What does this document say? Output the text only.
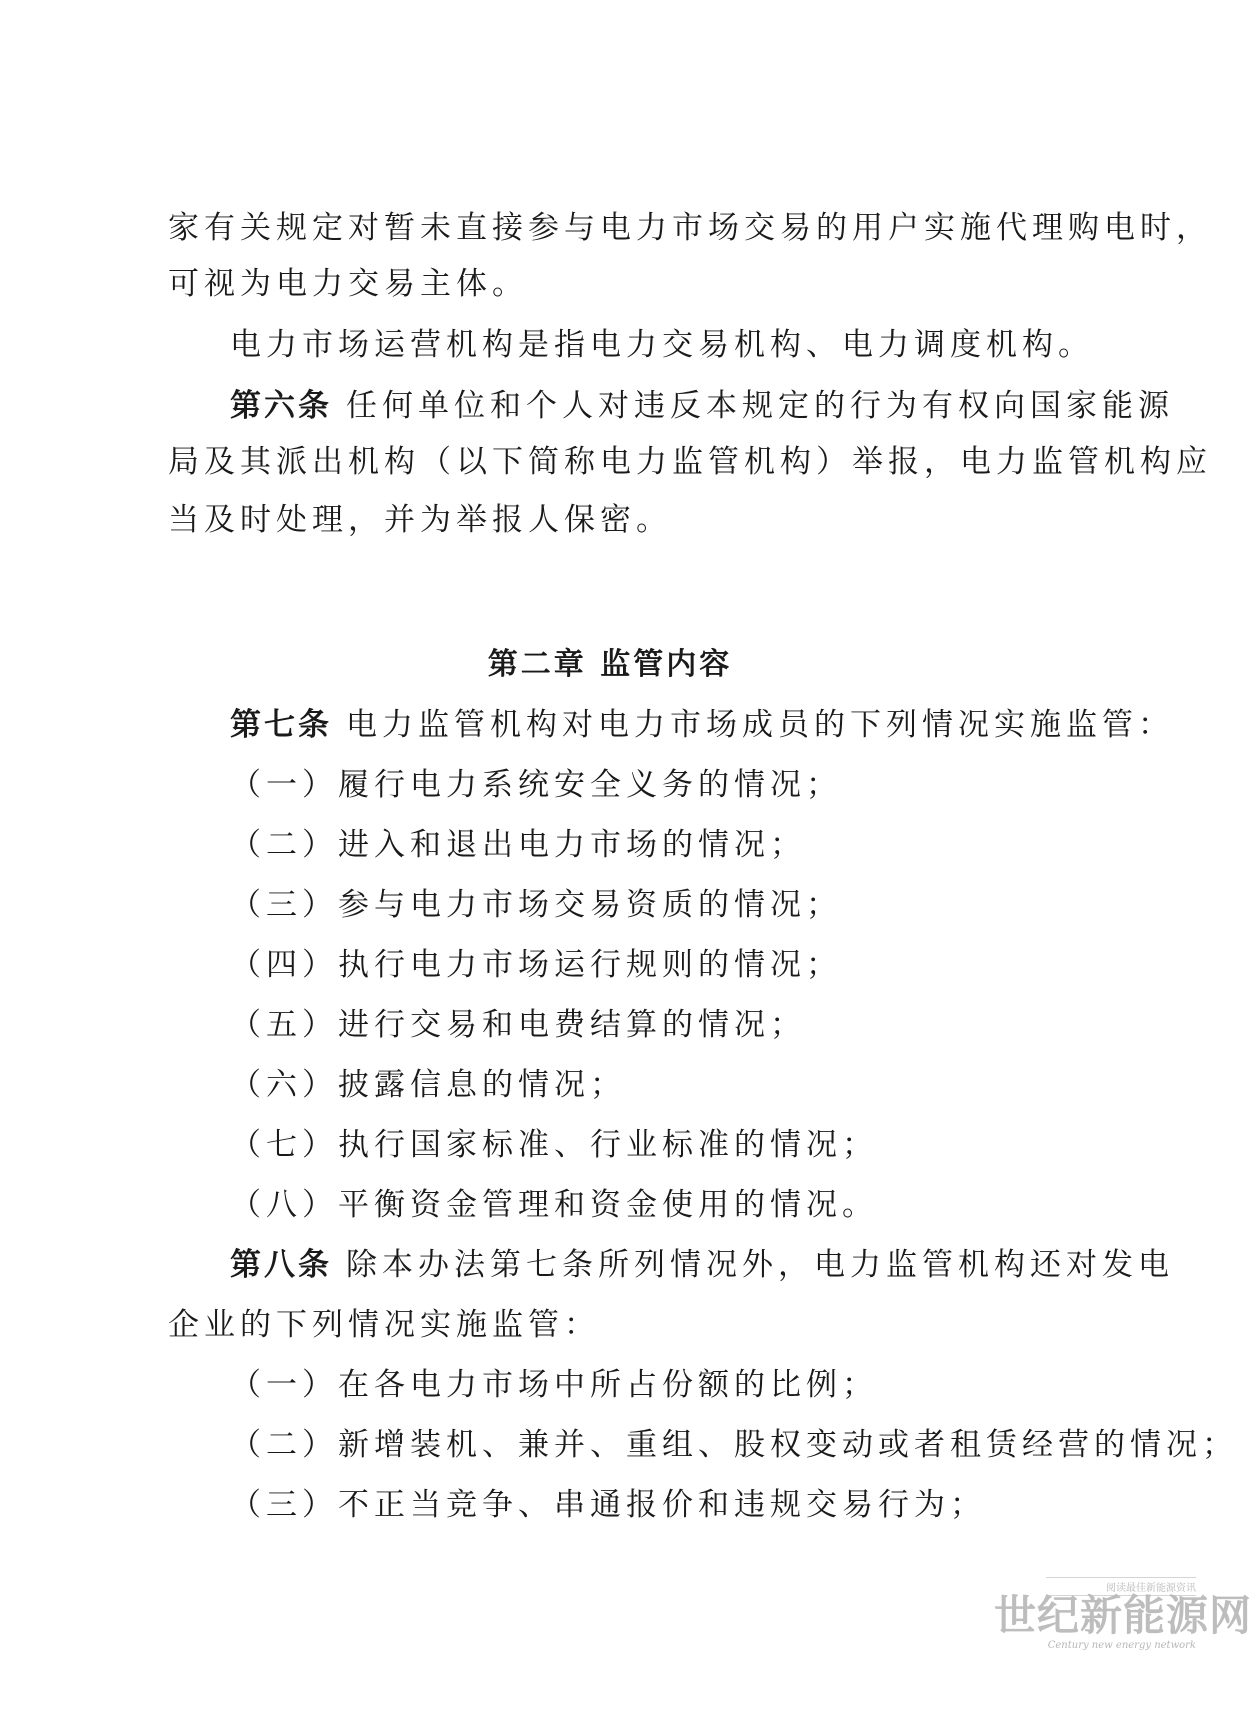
家有关规定对暂未直接参与电力市场交易的用户实施代理购电时，
可视为电力交易主体。
电力市场运营机构是指电力交易机构、电力调度机构。
第六条 任何单位和个人对违反本规定的行为有权向国家能源
局及其派出机构（以下简称电力监管机构）举报，电力监管机构应
当及时处理，并为举报人保密。
第二章 监管内容
第七条 电力监管机构对电力市场成员的下列情况实施监管：
（一）履行电力系统安全义务的情况；
（二）进入和退出电力市场的情况；
（三）参与电力市场交易资质的情况；
（四）执行电力市场运行规则的情况；
（五）进行交易和电费结算的情况；
（六）披露信息的情况；
（七）执行国家标准、行业标准的情况；
（八）平衡资金管理和资金使用的情况。
第八条 除本办法第七条所列情况外，电力监管机构还对发电
企业的下列情况实施监管：
（一）在各电力市场中所占份额的比例；
（二）新增装机、兼并、重组、股权变动或者租赁经营的情况；
（三）不正当竞争、串通报价和违规交易行为；
阅读最佳新能源资讯
世纪新能源网
Century new energy network
